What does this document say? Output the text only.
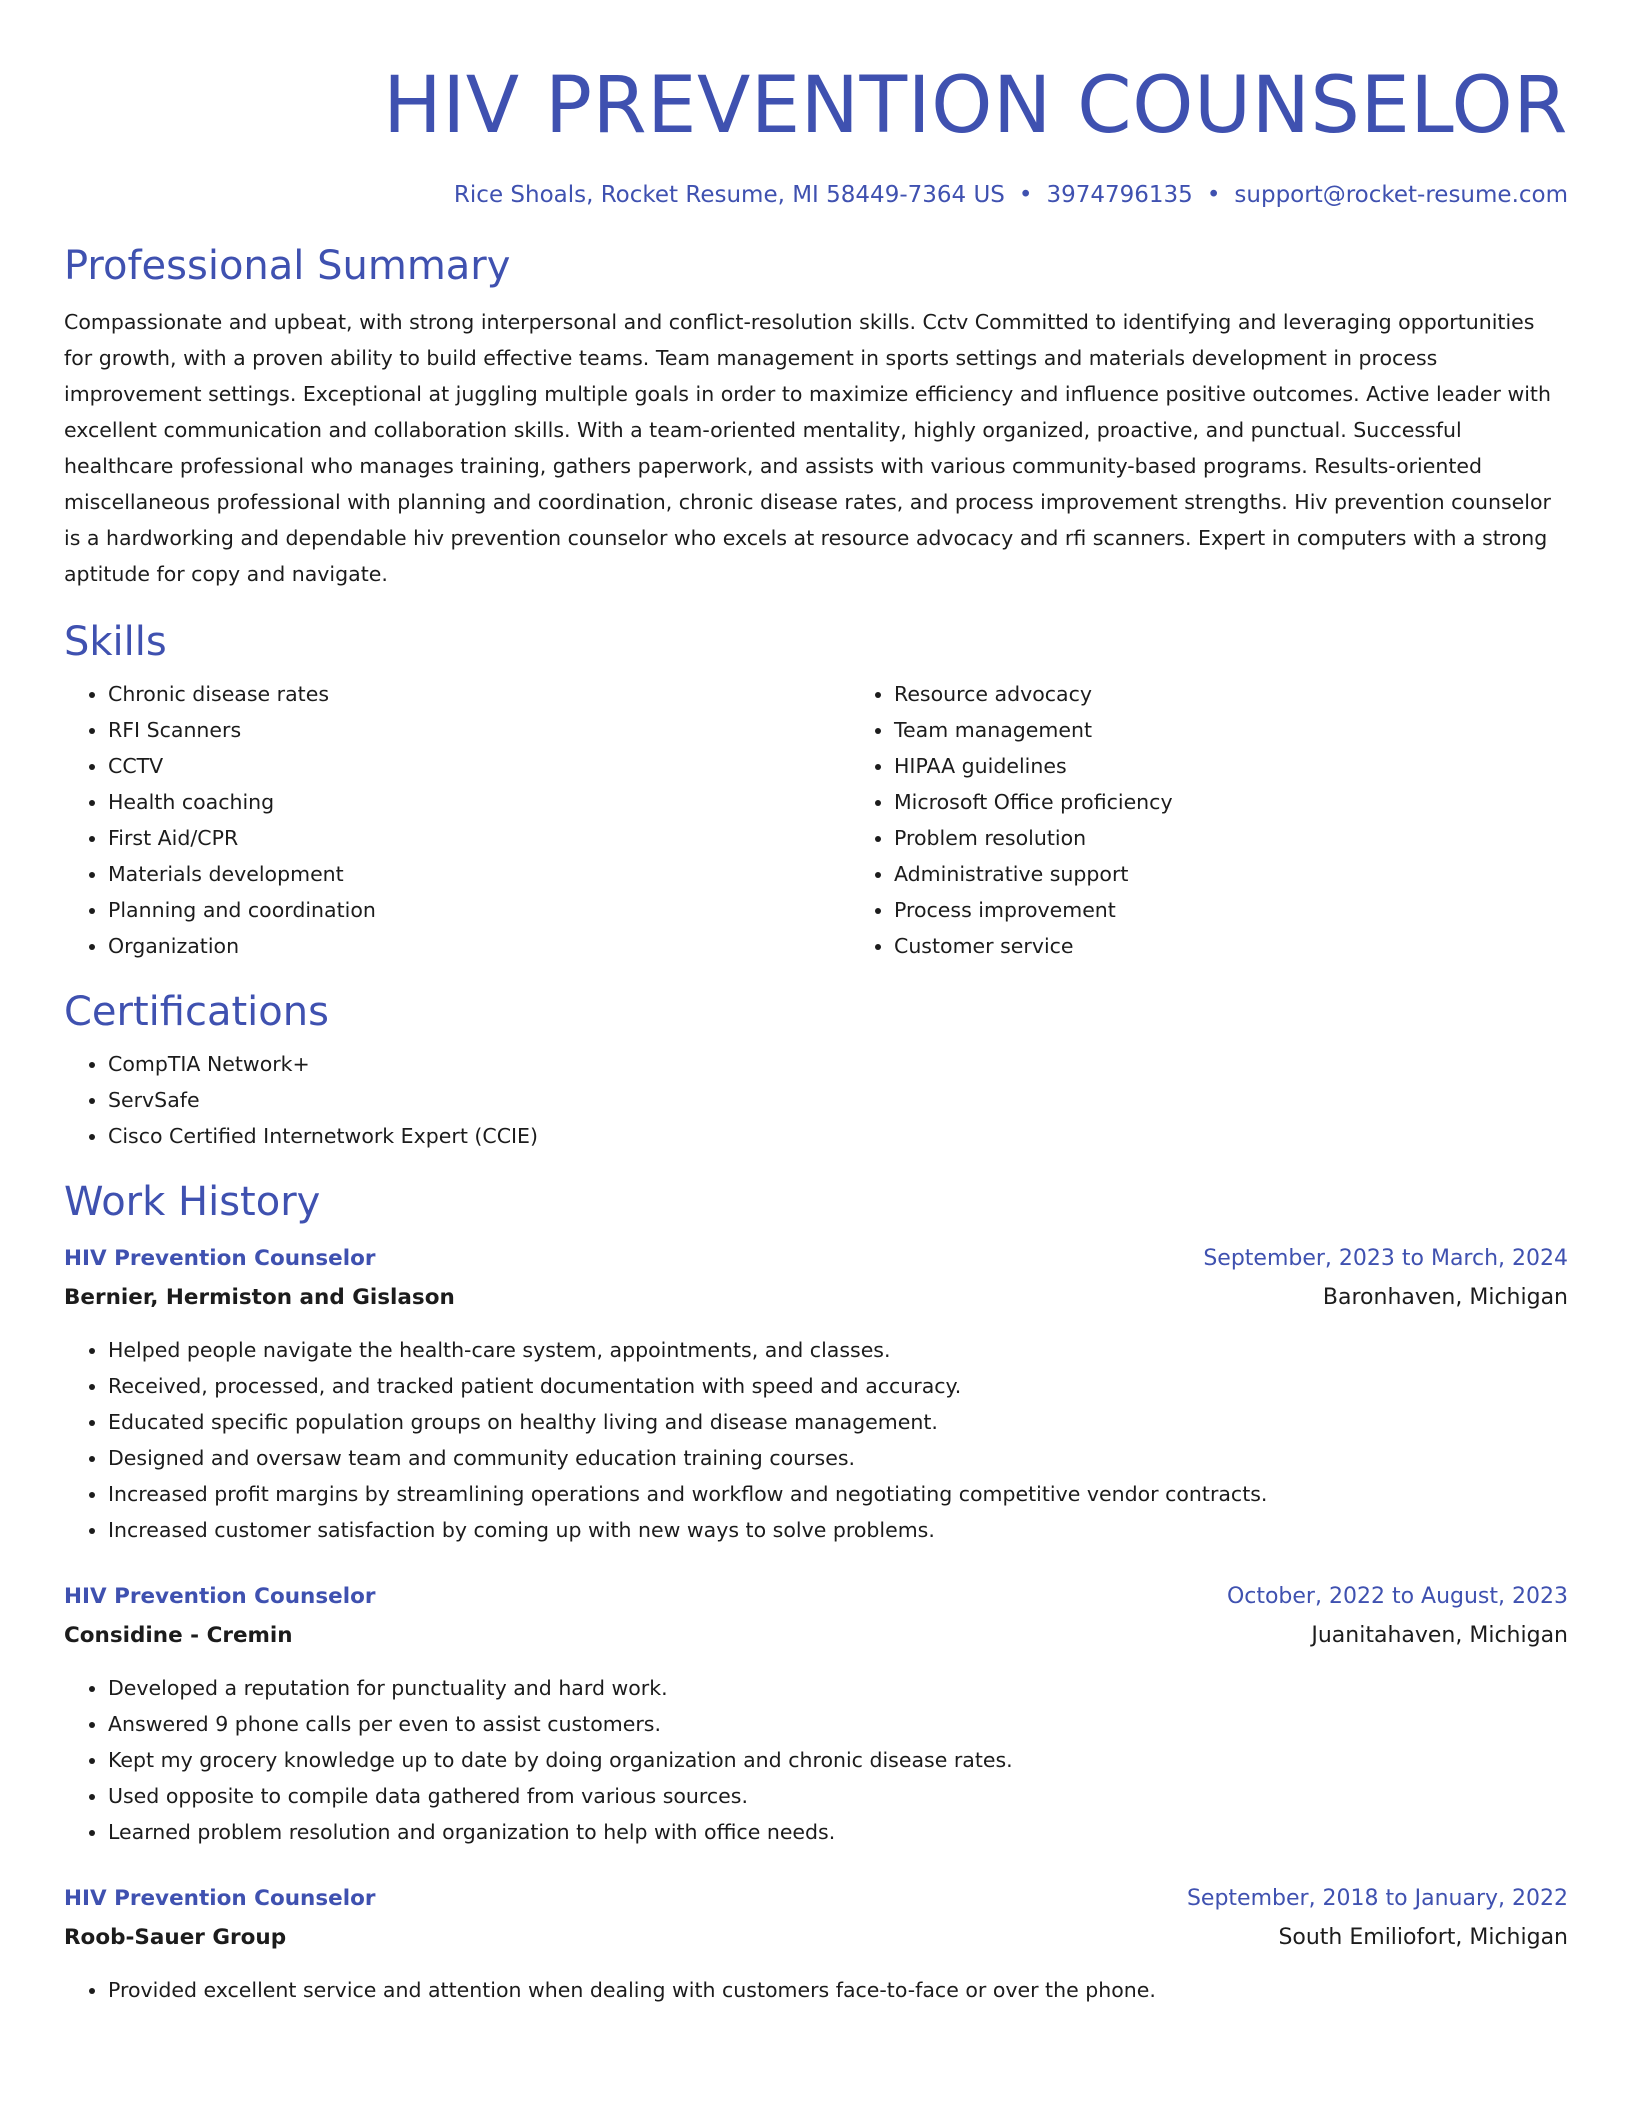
HIV PREVENTION COUNSELOR
Rice Shoals, Rocket Resume, MI 58449-7364 US • 3974796135 • support@rocket-resume.com
Professional Summary

Compassionate and upbeat, with strong interpersonal and conflict-resolution skills. Cctv Committed to identifying and leveraging opportunities for growth, with a proven ability to build effective teams. Team management in sports settings and materials development in process improvement settings. Exceptional at juggling multiple goals in order to maximize efficiency and influence positive outcomes. Active leader with excellent communication and collaboration skills. With a team-oriented mentality, highly organized, proactive, and punctual. Successful healthcare professional who manages training, gathers paperwork, and assists with various community-based programs. Results-oriented miscellaneous professional with planning and coordination, chronic disease rates, and process improvement strengths. Hiv prevention counselor is a hardworking and dependable hiv prevention counselor who excels at resource advocacy and rfi scanners. Expert in computers with a strong aptitude for copy and navigate.

Skills
• Chronic disease rates
• RFI Scanners
• CCTV
• Health coaching
• First Aid/CPR
• Materials development
• Planning and coordination
• Organization
• Resource advocacy
• Team management
• HIPAA guidelines
• Microsoft Office proficiency
• Problem resolution
• Administrative support
• Process improvement
• Customer service
Certifications
• CompTIA Network+
• ServSafe
• Cisco Certified Internetwork Expert (CCIE)
Work History
HIV Prevention Counselor	September, 2023 to March, 2024
Bernier, Hermiston and Gislason	Baronhaven, Michigan
• Helped people navigate the health-care system, appointments, and classes.
• Received, processed, and tracked patient documentation with speed and accuracy.
• Educated specific population groups on healthy living and disease management.
• Designed and oversaw team and community education training courses.
• Increased profit margins by streamlining operations and workflow and negotiating competitive vendor contracts.
• Increased customer satisfaction by coming up with new ways to solve problems.
HIV Prevention Counselor	October, 2022 to August, 2023
Considine - Cremin	Juanitahaven, Michigan
• Developed a reputation for punctuality and hard work.
• Answered 9 phone calls per even to assist customers.
• Kept my grocery knowledge up to date by doing organization and chronic disease rates.
• Used opposite to compile data gathered from various sources.
• Learned problem resolution and organization to help with office needs.
HIV Prevention Counselor	September, 2018 to January, 2022
Roob-Sauer Group	South Emiliofort, Michigan
• Provided excellent service and attention when dealing with customers face-to-face or over the phone.
